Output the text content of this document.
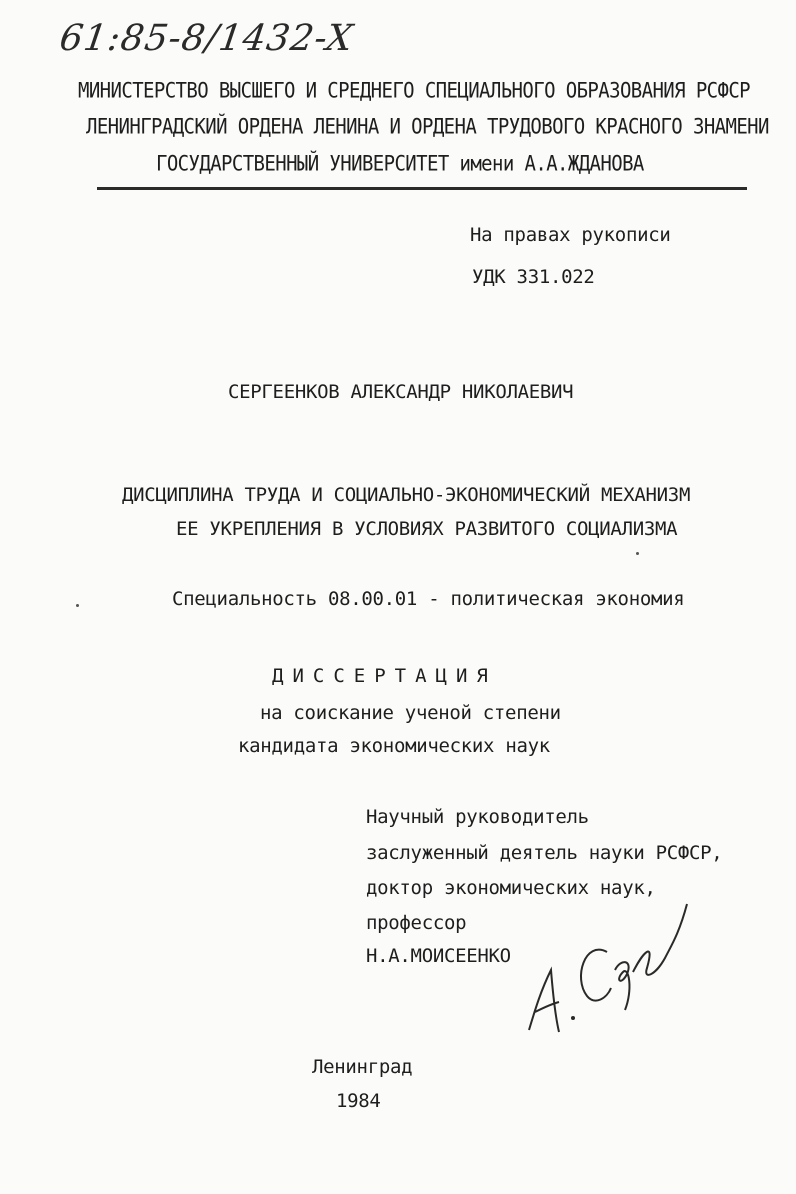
61:85-8/1432-X
МИНИСТЕРСТВО ВЫСШЕГО И СРЕДНЕГО СПЕЦИАЛЬНОГО ОБРАЗОВАНИЯ РСФСР
ЛЕНИНГРАДСКИЙ ОРДЕНА ЛЕНИНА И ОРДЕНА ТРУДОВОГО КРАСНОГО ЗНАМЕНИ
ГОСУДАРСТВЕННЫЙ УНИВЕРСИТЕТ имени А.А.ЖДАНОВА
На правах рукописи
УДК 331.022
СЕРГЕЕНКОВ АЛЕКСАНДР НИКОЛАЕВИЧ
ДИСЦИПЛИНА ТРУДА И СОЦИАЛЬНО-ЭКОНОМИЧЕСКИЙ МЕХАНИЗМ
ЕЕ УКРЕПЛЕНИЯ В УСЛОВИЯХ РАЗВИТОГО СОЦИАЛИЗМА
Специальность 08.00.01 - политическая экономия
ДИССЕРТАЦИЯ
на соискание ученой степени
кандидата экономических наук
Научный руководитель
заслуженный деятель науки РСФСР,
доктор экономических наук,
профессор
Н.А.МОИСЕЕНКО
Ленинград
1984
